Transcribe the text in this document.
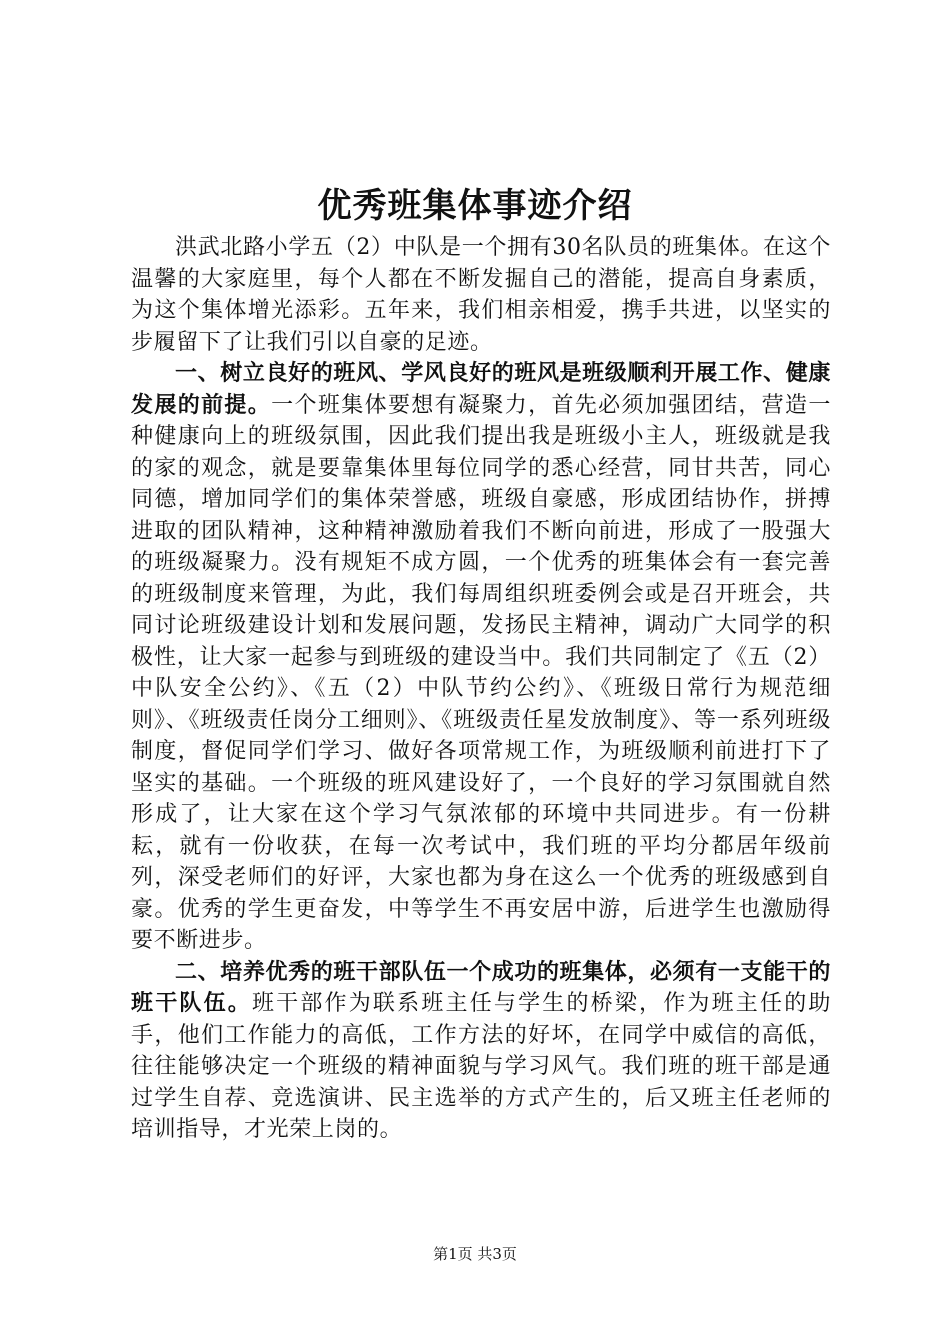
优秀班集体事迹介绍

洪武北路小学五（2）中队是一个拥有30名队员的班集体。在这个温馨的大家庭里，每个人都在不断发掘自己的潜能，提高自身素质，为这个集体增光添彩。五年来，我们相亲相爱，携手共进，以坚实的步履留下了让我们引以自豪的足迹。

一、树立良好的班风、学风良好的班风是班级顺利开展工作、健康发展的前提。一个班集体要想有凝聚力，首先必须加强团结，营造一种健康向上的班级氛围，因此我们提出我是班级小主人，班级就是我的家的观念，就是要靠集体里每位同学的悉心经营，同甘共苦，同心同德，增加同学们的集体荣誉感，班级自豪感，形成团结协作，拼搏进取的团队精神，这种精神激励着我们不断向前进，形成了一股强大的班级凝聚力。没有规矩不成方圆，一个优秀的班集体会有一套完善的班级制度来管理，为此，我们每周组织班委例会或是召开班会，共同讨论班级建设计划和发展问题，发扬民主精神，调动广大同学的积极性，让大家一起参与到班级的建设当中。我们共同制定了《五（2）中队安全公约》、《五（2）中队节约公约》、《班级日常行为规范细则》、《班级责任岗分工细则》、《班级责任星发放制度》、等一系列班级制度，督促同学们学习、做好各项常规工作，为班级顺利前进打下了坚实的基础。一个班级的班风建设好了，一个良好的学习氛围就自然形成了，让大家在这个学习气氛浓郁的环境中共同进步。有一份耕耘，就有一份收获，在每一次考试中，我们班的平均分都居年级前列，深受老师们的好评，大家也都为身在这么一个优秀的班级感到自豪。优秀的学生更奋发，中等学生不再安居中游，后进学生也激励得要不断进步。

二、培养优秀的班干部队伍一个成功的班集体，必须有一支能干的班干队伍。班干部作为联系班主任与学生的桥梁，作为班主任的助手，他们工作能力的高低，工作方法的好坏，在同学中威信的高低，往往能够决定一个班级的精神面貌与学习风气。我们班的班干部是通过学生自荐、竞选演讲、民主选举的方式产生的，后又班主任老师的培训指导，才光荣上岗的。

第1页 共3页
